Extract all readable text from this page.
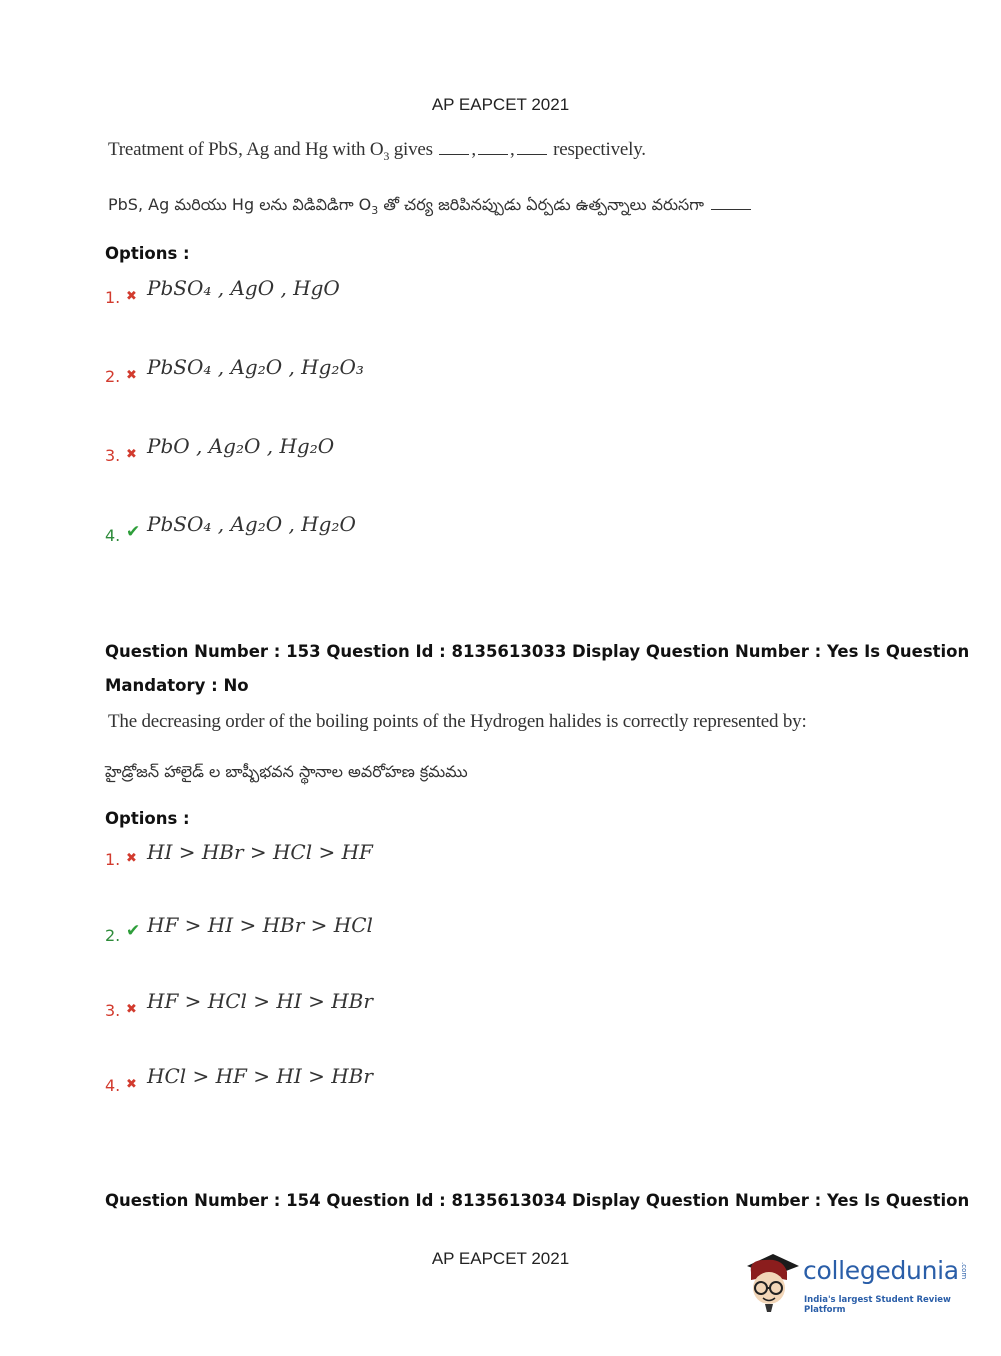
AP EAPCET 2021
Treatment of PbS, Ag and Hg with $O_3$ gives , , respectively.
PbS, Ag మరియు Hg లను విడివిడిగా $O_3$ తో చర్య జరిపినప్పుడు ఏర్పడు ఉత్పన్నాలు వరుసగా
Options :
1. ✖ PbSO₄ , AgO , HgO
2. ✖ PbSO₄ , Ag₂O , Hg₂O₃
3. ✖ PbO , Ag₂O , Hg₂O
4. ✔ PbSO₄ , Ag₂O , Hg₂O
Question Number : 153 Question Id : 8135613033 Display Question Number : Yes Is Question
Mandatory : No
The decreasing order of the boiling points of the Hydrogen halides is correctly represented by:
హైడ్రోజన్ హాలైడ్ ల బాష్పీభవన స్థానాల అవరోహణ క్రమము
Options :
1. ✖ HI > HBr > HCl > HF
2. ✔ HF > HI > HBr > HCl
3. ✖ HF > HCl > HI > HBr
4. ✖ HCl > HF > HI > HBr
Question Number : 154 Question Id : 8135613034 Display Question Number : Yes Is Question
AP EAPCET 2021	collegedunia .com
India's largest Student Review Platform
